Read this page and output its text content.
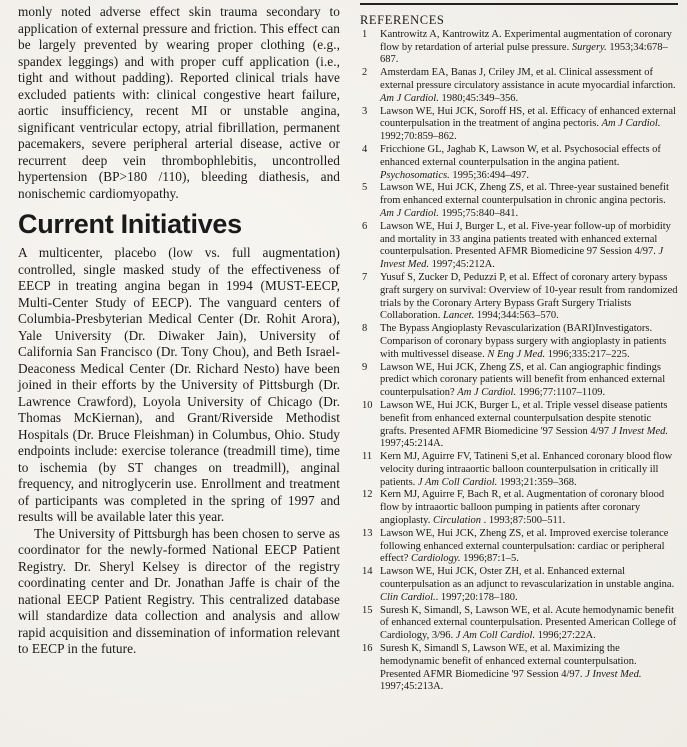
monly noted adverse effect skin trauma secondary to application of external pressure and friction. This effect can be largely prevented by wearing proper clothing (e.g., spandex leggings) and with proper cuff application (i.e., tight and without padding). Reported clinical trials have excluded patients with: clinical congestive heart failure, aortic insufficiency, recent MI or unstable angina, significant ventricular ectopy, atrial fibrillation, permanent pacemakers, severe peripheral arterial disease, active or recurrent deep vein thrombophlebitis, uncontrolled hypertension (BP>180 /110), bleeding diathesis, and nonischemic cardiomyopathy.

Current Initiatives

A multicenter, placebo (low vs. full augmentation) controlled, single masked study of the effectiveness of EECP in treating angina began in 1994 (MUST-EECP, Multi-Center Study of EECP). The vanguard centers of Columbia-Presbyterian Medical Center (Dr. Rohit Arora), Yale University (Dr. Diwaker Jain), University of California San Francisco (Dr. Tony Chou), and Beth Israel-Deaconess Medical Center (Dr. Richard Nesto) have been joined in their efforts by the University of Pittsburgh (Dr. Lawrence Crawford), Loyola University of Chicago (Dr. Thomas McKiernan), and Grant/Riverside Methodist Hospitals (Dr. Bruce Fleishman) in Columbus, Ohio. Study endpoints include: exercise tolerance (treadmill time), time to ischemia (by ST changes on treadmill), anginal frequency, and nitroglycerin use. Enrollment and treatment of participants was completed in the spring of 1997 and results will be available later this year.

The University of Pittsburgh has been chosen to serve as coordinator for the newly-formed National EECP Patient Registry. Dr. Sheryl Kelsey is director of the registry coordinating center and Dr. Jonathan Jaffe is chair of the national EECP Patient Registry. This centralized database will standardize data collection and analysis and allow rapid acquisition and dissemination of information relevant to EECP in the future.

REFERENCES
1	Kantrowitz A, Kantrowitz A. Experimental augmentation of coronary flow by retardation of arterial pulse pressure. Surgery. 1953;34:678–687.
2	Amsterdam EA, Banas J, Criley JM, et al. Clinical assessment of external pressure circulatory assistance in acute myocardial infarction. Am J Cardiol. 1980;45:349–356.
3	Lawson WE, Hui JCK, Soroff HS, et al. Efficacy of enhanced external counterpulsation in the treatment of angina pectoris. Am J Cardiol. 1992;70:859–862.
4	Fricchione GL, Jaghab K, Lawson W, et al. Psychosocial effects of enhanced external counterpulsation in the angina patient. Psychosomatics. 1995;36:494–497.
5	Lawson WE, Hui JCK, Zheng ZS, et al. Three-year sustained benefit from enhanced external counterpulsation in chronic angina pectoris. Am J Cardiol. 1995;75:840–841.
6	Lawson WE, Hui J, Burger L, et al. Five-year follow-up of morbidity and mortality in 33 angina patients treated with enhanced external counterpulsation. Presented AFMR Biomedicine 97 Session 4/97. J Invest Med. 1997;45:212A.
7	Yusuf S, Zucker D, Peduzzi P, et al. Effect of coronary artery bypass graft surgery on survival: Overview of 10-year result from randomized trials by the Coronary Artery Bypass Graft Surgery Trialists Collaboration. Lancet. 1994;344:563–570.
8	The Bypass Angioplasty Revascularization (BARI)Investigators. Comparison of coronary bypass surgery with angioplasty in patients with multivessel disease. N Eng J Med. 1996;335:217–225.
9	Lawson WE, Hui JCK, Zheng ZS, et al. Can angiographic findings predict which coronary patients will benefit from enhanced external counterpulsation? Am J Cardiol. 1996;77:1107–1109.
10 Lawson WE, Hui JCK, Burger L, et al. Triple vessel disease patients benefit from enhanced external counterpulsation despite stenotic grafts. Presented AFMR Biomedicine '97 Session 4/97 J Invest Med. 1997;45:214A.
11 Kern MJ, Aguirre FV, Tatineni S,et al. Enhanced coronary blood flow velocity during intraaortic balloon counterpulsation in critically ill patients. J Am Coll Cardiol. 1993;21:359–368.
12 Kern MJ, Aguirre F, Bach R, et al. Augmentation of coronary blood flow by intraaortic balloon pumping in patients after coronary angioplasty. Circulation . 1993;87:500–511.
13 Lawson WE, Hui JCK, Zheng ZS, et al. Improved exercise tolerance following enhanced external counterpulsation: cardiac or peripheral effect? Cardiology. 1996;87:1–5.
14 Lawson WE, Hui JCK, Oster ZH, et al. Enhanced external counterpulsation as an adjunct to revascularization in unstable angina. Clin Cardiol.. 1997;20:178–180.
15 Suresh K, Simandl, S, Lawson WE, et al. Acute hemodynamic benefit of enhanced external counterpulsation. Presented American College of Cardiology, 3/96. J Am Coll Cardiol. 1996;27:22A.
16 Suresh K, Simandl S, Lawson WE, et al. Maximizing the hemodynamic benefit of enhanced external counterpulsation. Presented AFMR Biomedicine '97 Session 4/97. J Invest Med. 1997;45:213A.
